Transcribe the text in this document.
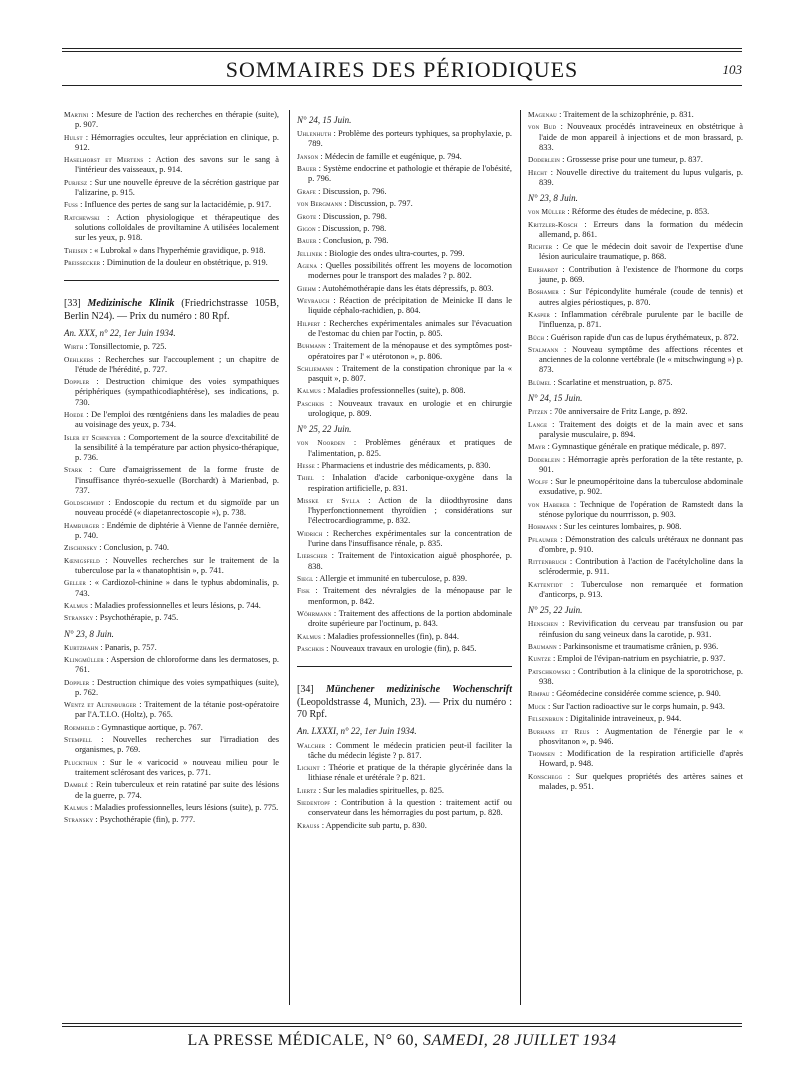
SOMMAIRES DES PÉRIODIQUES	103
Martini : Mesure de l'action des recherches en thérapie (suite), p. 907.
Hulst : Hémorragies occultes, leur appréciation en clinique, p. 912.
Haselhorst et Mertens : Action des savons sur le sang à l'intérieur des vaisseaux, p. 914.
Purjesz : Sur une nouvelle épreuve de la sécrétion gastrique par l'alizarine, p. 915.
Fuss : Influence des pertes de sang sur la lactacidémie, p. 917.
Ratchewski : Action physiologique et thérapeutique des solutions colloïdales de proviltamine A utilisées localement sur les yeux, p. 918.
Theisen : « Lubrokal » dans l'hyperhémie gravidique, p. 918.
Preissecker : Diminution de la douleur en obstétrique, p. 919.
[33] Medizinische Klinik (Friedrichstrasse 105B, Berlin N24). — Prix du numéro : 80 Rpf.
An. XXX, n° 22, 1er Juin 1934.
Wirth : Tonsillectomie, p. 725.
Oehlkers : Recherches sur l'accouplement ; un chapitre de l'étude de l'hérédité, p. 727.
Doppler : Destruction chimique des voies sympathiques périphériques (sympathicodiaphtérèse), ses indications, p. 730.
Hoede : De l'emploi des rœntgéniens dans les maladies de peau au voisinage des yeux, p. 734.
Isler et Schneyer : Comportement de la source d'excitabilité de la sensibilité à la température par action physico-thérapique, p. 736.
Stark : Cure d'amaigrissement de la forme fruste de l'insuffisance thyréo-sexuelle (Borchardt) à Marienbad, p. 737.
Goldschmidt : Endoscopie du rectum et du sigmoïde par un nouveau procédé (« diapetanrectoscopie »), p. 738.
Hamburger : Endémie de diphtérie à Vienne de l'année dernière, p. 740.
Zischinsky : Conclusion, p. 740.
Kœnigsfeld : Nouvelles recherches sur le traitement de la tuberculose par la « thanatophtisin », p. 741.
Geller : « Cardiozol-chinine » dans le typhus abdominalis, p. 743.
Kalmus : Maladies professionnelles et leurs lésions, p. 744.
Stransky : Psychothérapie, p. 745.
N° 23, 8 Juin.
Kurtzhahn : Panaris, p. 757.
Klingmüller : Aspersion de chloroforme dans les dermatoses, p. 761.
Doppler : Destruction chimique des voies sympathiques (suite), p. 762.
Wentz et Altenburger : Traitement de la tétanie post-opératoire par l'A.T.I.O. (Holtz), p. 765.
Roemheld : Gymnastique aortique, p. 767.
Stempell : Nouvelles recherches sur l'irradiation des organismes, p. 769.
Pluckthun : Sur le « varicocid » nouveau milieu pour le traitement sclérosant des varices, p. 771.
Damblé : Rein tuberculeux et rein ratatiné par suite des lésions de la guerre, p. 774.
Kalmus : Maladies professionnelles, leurs lésions (suite), p. 775.
Stransky : Psychothérapie (fin), p. 777.
N° 24, 15 Juin.
Uhlenhuth : Problème des porteurs typhiques, sa prophylaxie, p. 789.
Janson : Médecin de famille et eugénique, p. 794.
Bauer : Système endocrine et pathologie et thérapie de l'obésité, p. 796.
Grafe : Discussion, p. 796.
von Bergmann : Discussion, p. 797.
Grote : Discussion, p. 798.
Gigon : Discussion, p. 798.
Bauer : Conclusion, p. 798.
Jellinek : Biologie des ondes ultra-courtes, p. 799.
Agena : Quelles possibilités offrent les moyens de locomotion modernes pour le transport des malades ? p. 802.
Giehm : Autohémothérapie dans les états dépressifs, p. 803.
Weyrauch : Réaction de précipitation de Meinicke II dans le liquide céphalo-rachidien, p. 804.
Hilpert : Recherches expérimentales animales sur l'évacuation de l'estomac du chien par l'octin, p. 805.
Buhmann : Traitement de la ménopause et des symptômes post-opératoires par l' « utérotonon », p. 806.
Schliemann : Traitement de la constipation chronique par la « pasquit », p. 807.
Kalmus : Maladies professionnelles (suite), p. 808.
Paschkis : Nouveaux travaux en urologie et en chirurgie urologique, p. 809.
N° 25, 22 Juin.
von Noorden : Problèmes généraux et pratiques de l'alimentation, p. 825.
Hesse : Pharmaciens et industrie des médicaments, p. 830.
Thiel : Inhalation d'acide carbonique-oxygène dans la respiration artificielle, p. 831.
Misske et Sylla : Action de la diiodthyrosine dans l'hyperfonctionnement thyroïdien ; considérations sur l'électrocardiogramme, p. 832.
Widrich : Recherches expérimentales sur la concentration de l'urine dans l'insuffisance rénale, p. 835.
Liebscher : Traitement de l'intoxication aiguë phosphorée, p. 838.
Siegl : Allergie et immunité en tuberculose, p. 839.
Fisk : Traitement des névralgies de la ménopause par le menformon, p. 842.
Wöhrmann : Traitement des affections de la portion abdominale droite supérieure par l'octinum, p. 843.
Kalmus : Maladies professionnelles (fin), p. 844.
Paschkis : Nouveaux travaux en urologie (fin), p. 845.
[34] Münchener medizinische Wochenschrift (Leopoldstrasse 4, Munich, 23). — Prix du numéro : 70 Rpf.
An. LXXXI, n° 22, 1er Juin 1934.
Walcher : Comment le médecin praticien peut-il faciliter la tâche du médecin légiste ? p. 817.
Lickint : Théorie et pratique de la thérapie glycérinée dans la lithiase rénale et urétérale ? p. 821.
Liertz : Sur les maladies spirituelles, p. 825.
Siedentopf : Contribution à la question : traitement actif ou conservateur dans les hémorragies du post partum, p. 828.
Krauss : Appendicite sub partu, p. 830.
Magenau : Traitement de la schizophrénie, p. 831.
von Bud : Nouveaux procédés intraveineux en obstétrique à l'aide de mon appareil à injections et de mon brassard, p. 833.
Doderlein : Grossesse prise pour une tumeur, p. 837.
Hecht : Nouvelle directive du traitement du lupus vulgaris, p. 839.
N° 23, 8 Juin.
von Müller : Réforme des études de médecine, p. 853.
Kritzler-Kosch : Erreurs dans la formation du médecin allemand, p. 861.
Richter : Ce que le médecin doit savoir de l'expertise d'une lésion auriculaire traumatique, p. 868.
Ehrhardt : Contribution à l'existence de l'hormone du corps jaune, p. 869.
Boshamer : Sur l'épicondylite humérale (coude de tennis) et autres algies périostiques, p. 870.
Kasper : Inflammation cérébrale purulente par le bacille de l'influenza, p. 871.
Büch : Guérison rapide d'un cas de lupus érythémateux, p. 872.
Stalmann : Nouveau symptôme des affections récentes et anciennes de la colonne vertébrale (le « mitschwingung ») p. 873.
Blümel : Scarlatine et menstruation, p. 875.
N° 24, 15 Juin.
Pitzen : 70e anniversaire de Fritz Lange, p. 892.
Lange : Traitement des doigts et de la main avec et sans paralysie musculaire, p. 894.
Mayr : Gymnastique générale en pratique médicale, p. 897.
Doderlein : Hémorragie après perforation de la tête restante, p. 901.
Wolff : Sur le pneumopéritoine dans la tuberculose abdominale exsudative, p. 902.
von Haberer : Technique de l'opération de Ramstedt dans la sténose pylorique du nourrrisson, p. 903.
Hohmann : Sur les ceintures lombaires, p. 908.
Pflaumer : Démonstration des calculs urétéraux ne donnant pas d'ombre, p. 910.
Rittenbruch : Contribution à l'action de l'acétylcholine dans la sclérodermie, p. 911.
Kattentidt : Tuberculose non remarquée et formation d'anticorps, p. 913.
N° 25, 22 Juin.
Henschen : Revivification du cerveau par transfusion ou par réinfusion du sang veineux dans la carotide, p. 931.
Baumann : Parkinsonisme et traumatisme crânien, p. 936.
Kuntze : Emploi de l'évipan-natrium en psychiatrie, p. 937.
Patschkowski : Contribution à la clinique de la sporotrichose, p. 938.
Rimpau : Géomédecine considérée comme science, p. 940.
Muck : Sur l'action radioactive sur le corps humain, p. 943.
Felsenbrun : Digitalinide intraveineux, p. 944.
Burhans et Reus : Augmentation de l'énergie par le « phosvitanon », p. 946.
Thomsen : Modification de la respiration artificielle d'après Howard, p. 948.
Konschegg : Sur quelques propriétés des artères saines et malades, p. 951.
LA PRESSE MÉDICALE, N° 60, SAMEDI, 28 JUILLET 1934
